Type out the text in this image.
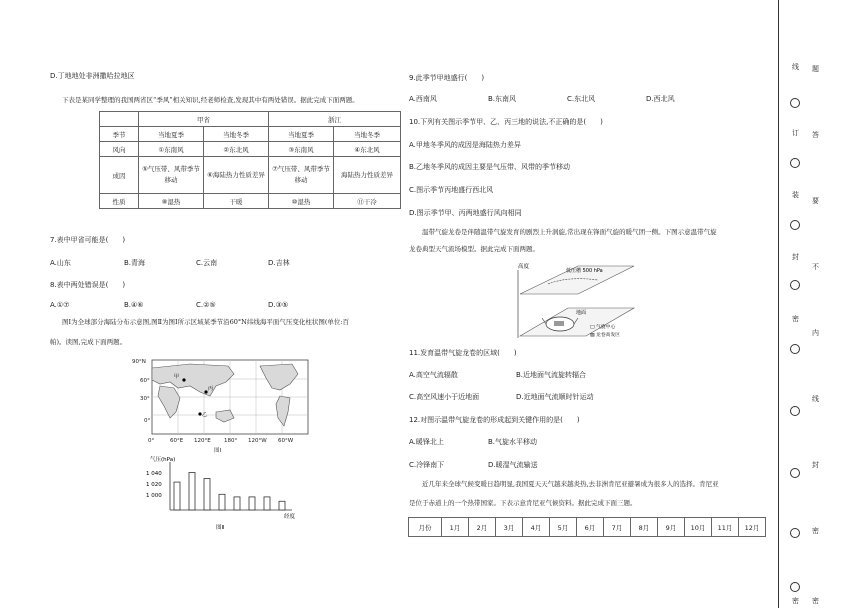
D.丁地地处非洲撒哈拉地区
下表是某同学整理的我国两省区“季风”相关知识,经老师检查,发现其中有两处错误。据此完成下面两题。
	甲省		浙江	
季节	当地夏季	当地冬季	当地夏季	当地冬季
风向	①东南风	②东北风	③东南风	④东北风
成因	⑤气压带、风带季节移动	⑥海陆热力性质差异	⑦气压带、风带季节移动	海陆热力性质差异
性质	⑧湿热	干暖	⑩湿热	⑪干冷
7.表中甲省可能是(　　)
A.山东	B.青海	C.云南	D.吉林
8.表中两处错误是(　　)
A.①⑦	B.④⑥	C.②⑤	D.③⑤
图Ⅰ为全球部分海陆分布示意图,图Ⅱ为图Ⅰ所示区域某季节沿60°N纬线海平面气压变化柱状图(单位:百
帕)。读图,完成下面两题。
甲
丙
乙
90°N
60°
30°
0°
0°	60°E 120°E 180° 120°W 60°W
图Ⅰ
气压(hPa)
1 040
1 020
1 000
经度
图Ⅱ
9.此季节甲地盛行(　　)
A.西南风	B.东南风	C.东北风	D.西北风
10.下列有关图示季节甲、乙、丙三地的说法,不正确的是(　　)
A.甲地冬季风的成因是海陆热力差异
B.乙地冬季风的成因主要是气压带、风带的季节移动
C.图示季节丙地盛行西北风
D.图示季节甲、丙两地盛行风向相同
温带气旋龙卷是伴随温带气旋发育的剧烈上升涡旋,常出现在锋面气旋的暖气团一侧。下图示意温带气旋
龙卷典型天气流场模型。据此完成下面两题。
高度
低压槽 500 hPa
地面
□ 气旋中心
▨ 龙卷高发区
11.发育温带气旋龙卷的区域(　　)
A.高空气流辐散	B.近地面气流旋转辐合
C.高空风速小于近地面	D.近地面气流顺时针运动
12.对图示温带气旋龙卷的形成起到关键作用的是(　　)
A.暖锋北上	B.气旋水平移动
C.冷锋南下	D.暖湿气流输送
近几年来全球气候变暖日趋明显,我国夏天天气越来越炎热,去非洲肯尼亚避暑成为很多人的选择。肯尼亚
是位于赤道上的一个热带国家。下表示意肯尼亚气候资料。据此完成下面三题。
月份	1月	2月	3月	4月	5月	6月	7月	8月	9月	10月	11月	12月
线
订
装
封
密
题
答
要
不
内
线
封
密
密 密
